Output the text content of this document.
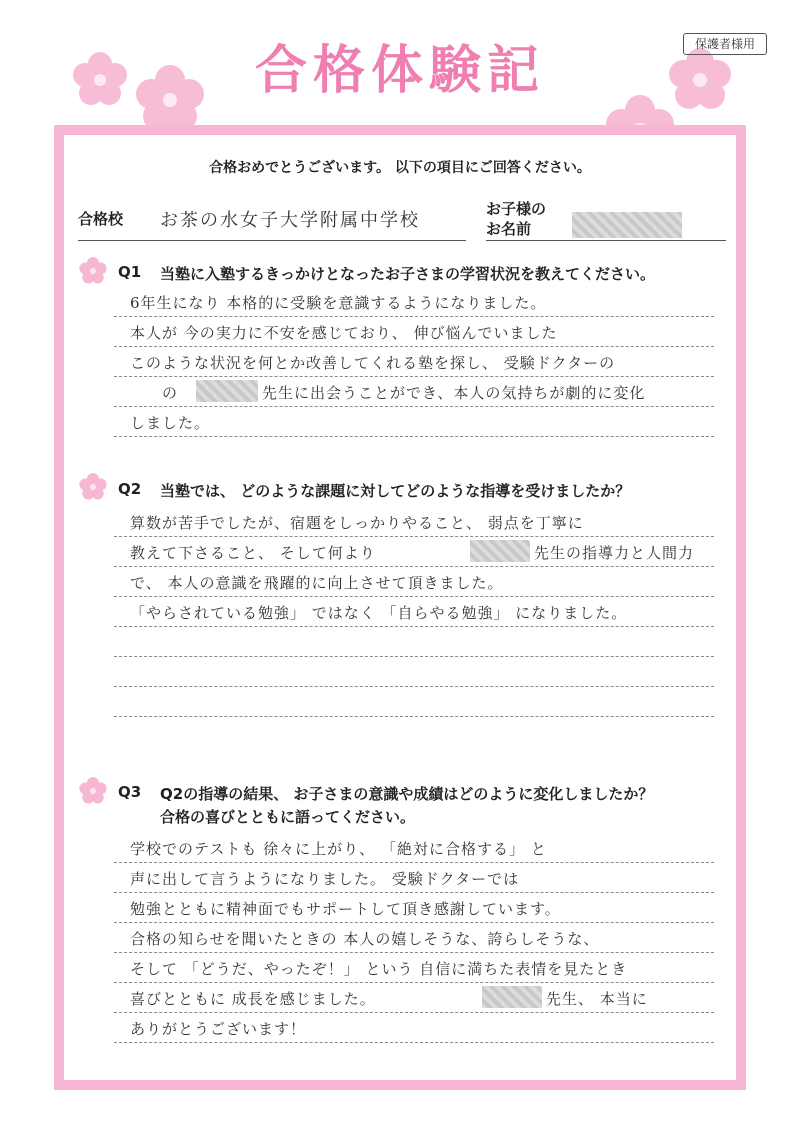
保護者様用
合格体験記
合格おめでとうございます。 以下の項目にご回答ください。
合格校 お茶の水女子大学附属中学校
お子様の
お名前
Q1 当塾に入塾するきっかけとなったお子さまの学習状況を教えてください。
6年生になり 本格的に受験を意識するようになりました。
本人が 今の実力に不安を感じており、 伸び悩んでいました
このような状況を何とか改善してくれる塾を探し、 受験ドクターの
の	先生に出会うことができ、本人の気持ちが劇的に変化
しました。
Q2 当塾では、 どのような課題に対してどのような指導を受けましたか？
算数が苦手でしたが、宿題をしっかりやること、 弱点を丁寧に
教えて下さること、 そして何より	先生の指導力と人間力
で、 本人の意識を飛躍的に向上させて頂きました。
「やらされている勉強」 ではなく 「自らやる勉強」 になりました。
Q3 Q2の指導の結果、 お子さまの意識や成績はどのように変化しましたか？
合格の喜びとともに語ってください。
学校でのテストも 徐々に上がり、 「絶対に合格する」 と
声に出して言うようになりました。 受験ドクターでは
勉強とともに精神面でもサポートして頂き感謝しています。
合格の知らせを聞いたときの 本人の嬉しそうな、誇らしそうな、
そして 「どうだ、やったぞ！」 という 自信に満ちた表情を見たとき
喜びとともに 成長を感じました。	先生、 本当に
ありがとうございます！
